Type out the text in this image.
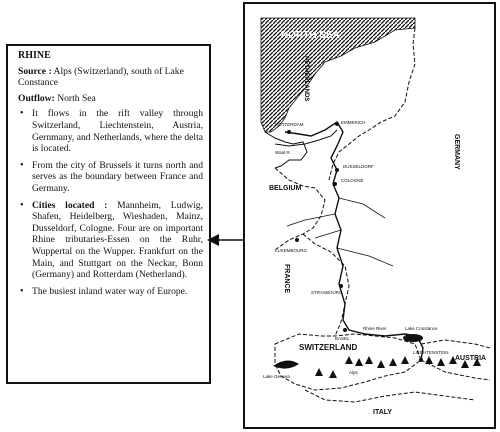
RHINE
Source : Alps (Switzerland), south of Lake Constance
Outflow: North Sea
• It flows in the rift valley through Switzerland, Liechtenstein, Austria, Gernmany, and Netherlands, where the delta is located.
• From the city of Brussels it turns north and serves as the boundary between France and Germany.
• Cities located : Mannheim, Ludwig, Shafen, Heidelberg, Wieshaden, Mainz, Dusseldorf, Cologne. Four are on important Rhine tributaries-Essen on the Ruhr, Wuppertal on the Wupper. Frankfurt on the Main, and Stuttgart on the Neckar, Bonn (Germany) and Rotterdam (Netherland).
• The busiest inland water way of Europe.
NORTH SEA
NETHERLANDS
GERMANY
BELGIUM
FRANCE
SWITZERLAND
AUSTRIA
ITALY
ROTTERDAM
Waal R.
EMMERICH
DUSSELDORF
COLOGNE
LUXEMBOURG
STRASBOURG
BASEL
Rhine River	Lake Constance
LIECHTENSTEIN
Lake Geneva
Alps
